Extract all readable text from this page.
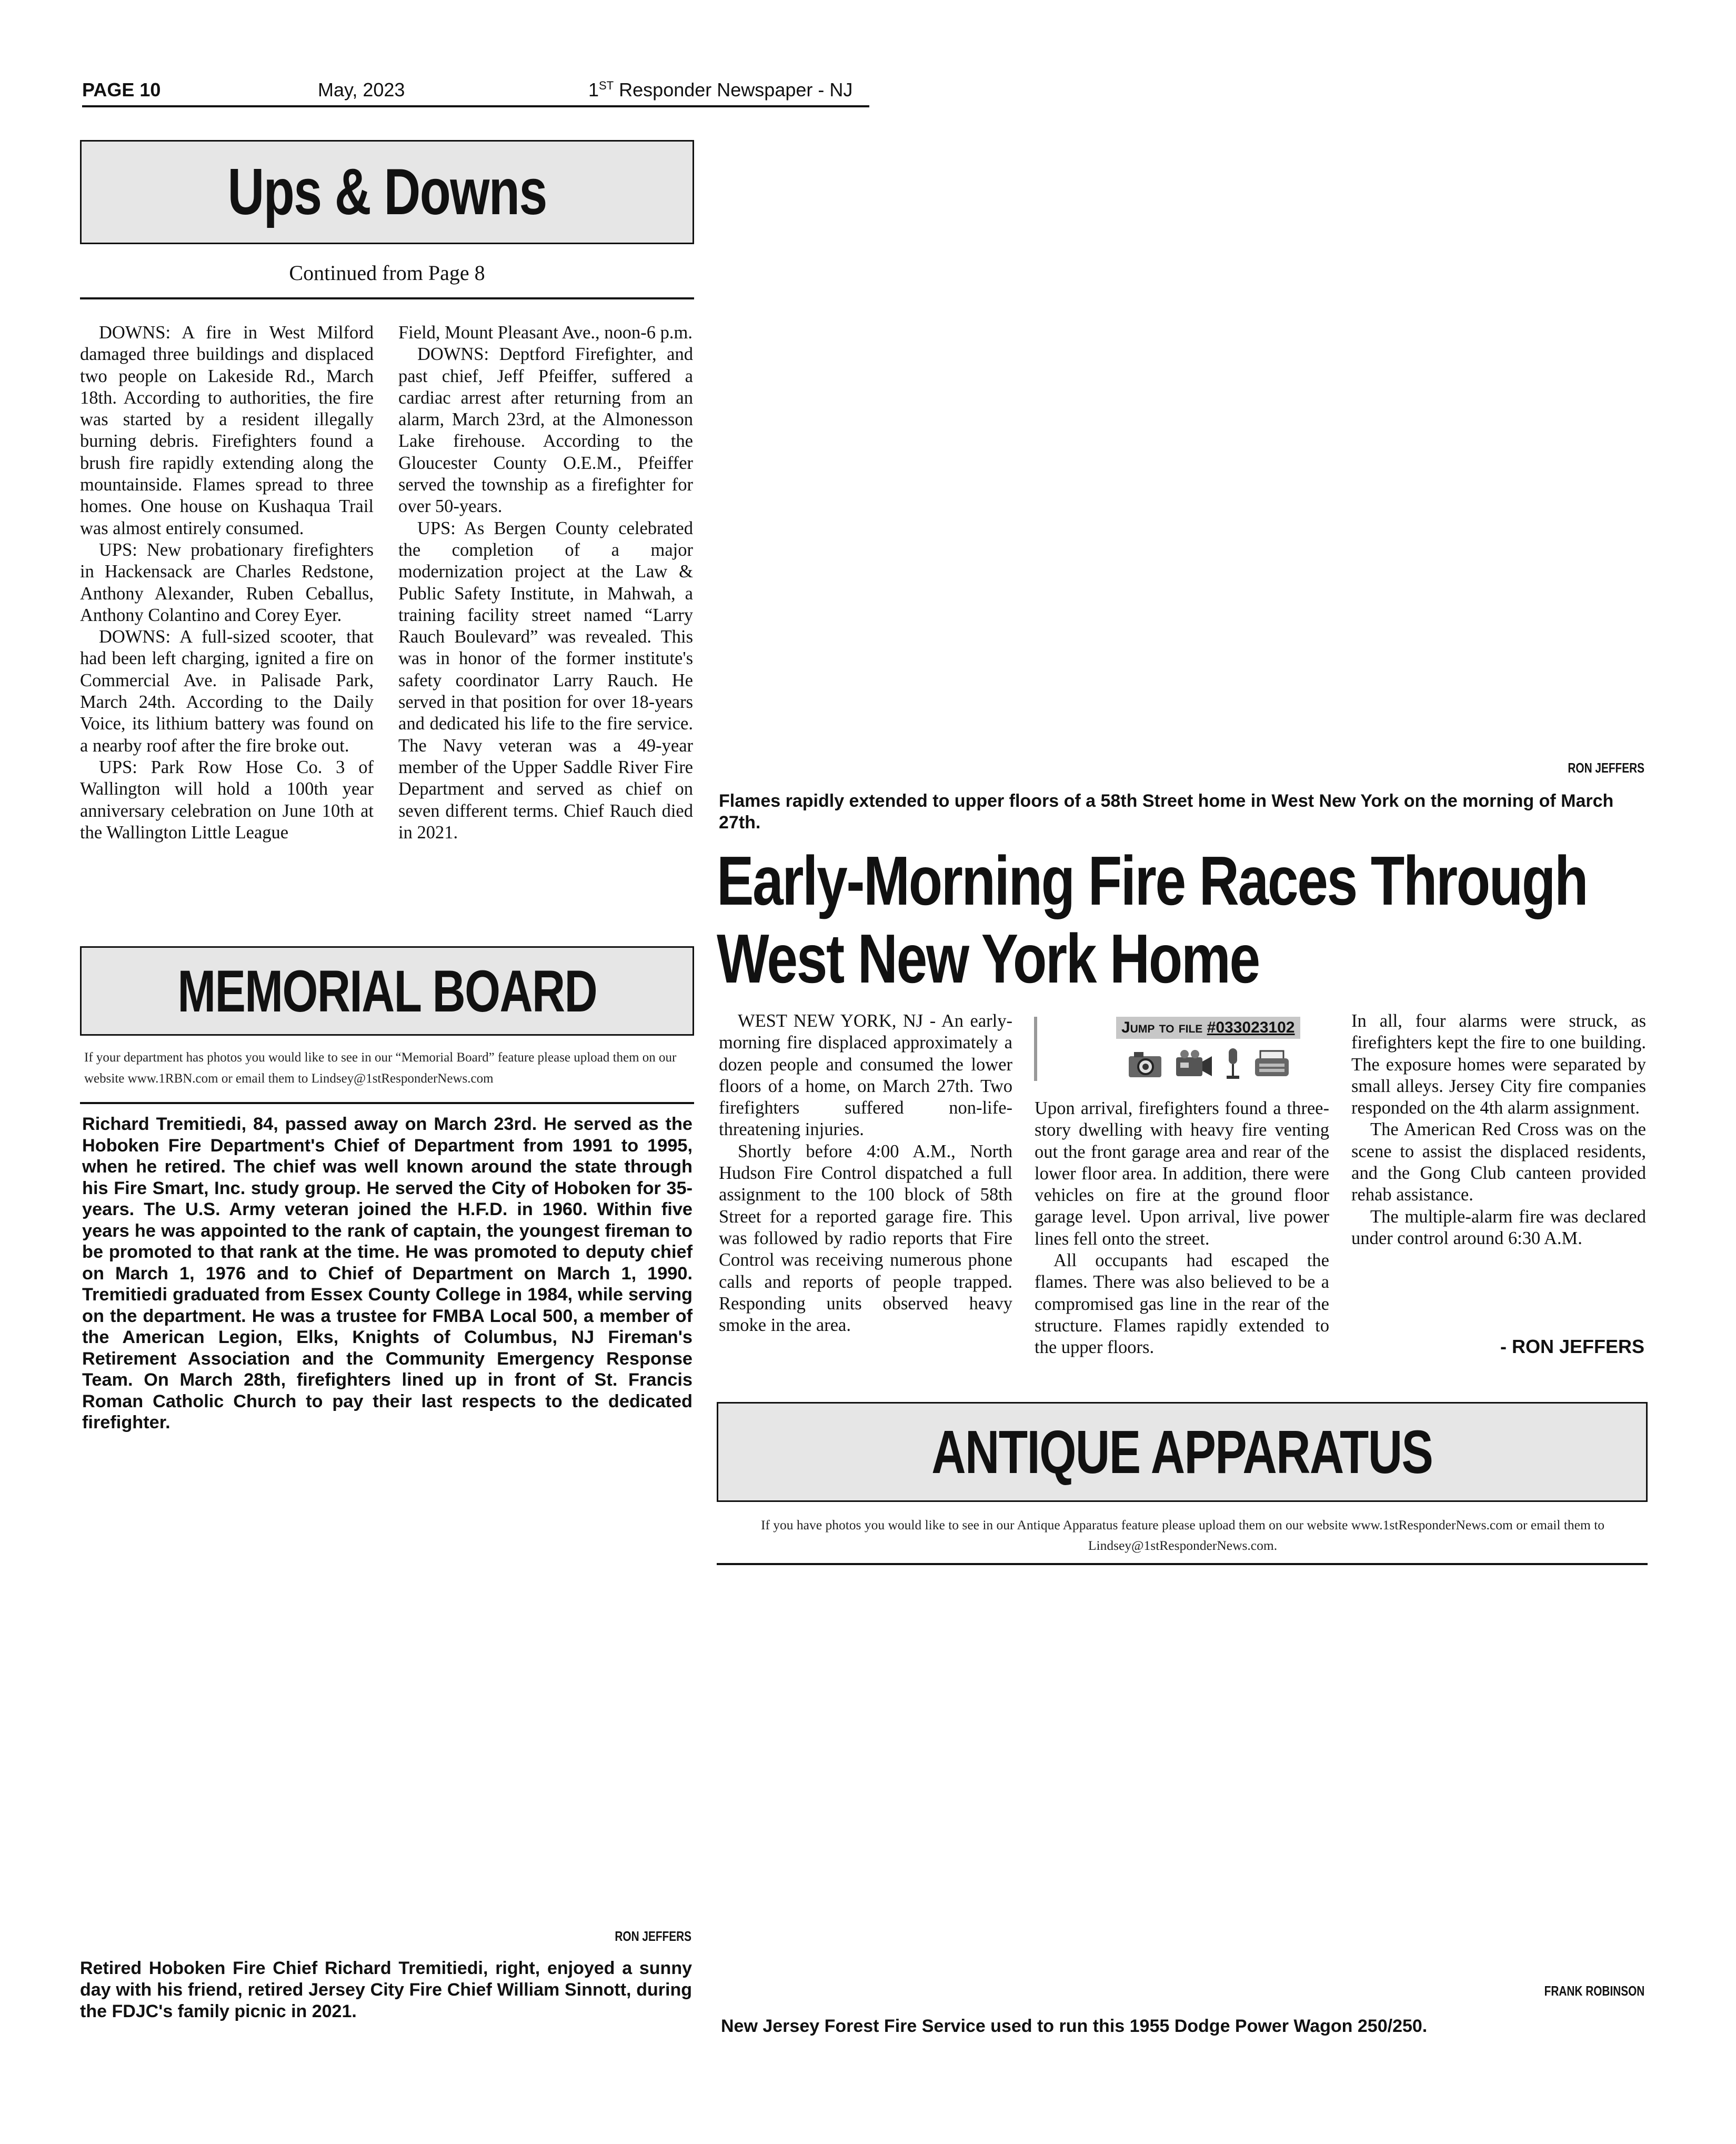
PAGE 10	May, 2023	1ST Responder Newspaper - NJ
Ups & Downs
Continued from Page 8

DOWNS: A fire in West Milford damaged three buildings and displaced two people on Lakeside Rd., March 18th. According to authorities, the fire was started by a resident illegally burning debris. Firefighters found a brush fire rapidly extending along the mountainside. Flames spread to three homes. One house on Kushaqua Trail was almost entirely consumed.

UPS: New probationary firefighters in Hackensack are Charles Redstone, Anthony Alexander, Ruben Ceballus, Anthony Colantino and Corey Eyer.

DOWNS: A full-sized scooter, that had been left charging, ignited a fire on Commercial Ave. in Palisade Park, March 24th. According to the Daily Voice, its lithium battery was found on a nearby roof after the fire broke out.

UPS: Park Row Hose Co. 3 of Wallington will hold a 100th year anniversary celebration on June 10th at the Wallington Little League

Field, Mount Pleasant Ave., noon-6 p.m.

DOWNS: Deptford Firefighter, and past chief, Jeff Pfeiffer, suffered a cardiac arrest after returning from an alarm, March 23rd, at the Almonesson Lake firehouse. According to the Gloucester County O.E.M., Pfeiffer served the township as a firefighter for over 50-years.

UPS: As Bergen County celebrated the completion of a major modernization project at the Law & Public Safety Institute, in Mahwah, a training facility street named “Larry Rauch Boulevard” was revealed. This was in honor of the former institute's safety coordinator Larry Rauch. He served in that position for over 18-years and dedicated his life to the fire service. The Navy veteran was a 49-year member of the Upper Saddle River Fire Department and served as chief on seven different terms. Chief Rauch died in 2021.

MEMORIAL BOARD
If your department has photos you would like to see in our “Memorial Board” feature please upload them on our website www.1RBN.com or email them to Lindsey@1stResponderNews.com
Richard Tremitiedi, 84, passed away on March 23rd. He served as the Hoboken Fire Department's Chief of Department from 1991 to 1995, when he retired. The chief was well known around the state through his Fire Smart, Inc. study group. He served the City of Hoboken for 35-years. The U.S. Army veteran joined the H.F.D. in 1960. Within five years he was appointed to the rank of captain, the youngest fireman to be promoted to that rank at the time. He was promoted to deputy chief on March 1, 1976 and to Chief of Department on March 1, 1990. Tremitiedi graduated from Essex County College in 1984, while serving on the department. He was a trustee for FMBA Local 500, a member of the American Legion, Elks, Knights of Columbus, NJ Fireman's Retirement Association and the Community Emergency Response Team. On March 28th, firefighters lined up in front of St. Francis Roman Catholic Church to pay their last respects to the dedicated firefighter.
RON JEFFERS
Retired Hoboken Fire Chief Richard Tremitiedi, right, enjoyed a sunny day with his friend, retired Jersey City Fire Chief William Sinnott, during the FDJC's family picnic in 2021.
RON JEFFERS
Flames rapidly extended to upper floors of a 58th Street home in West New York on the morning of March 27th.
Early-Morning Fire Races Through
West New York Home

WEST NEW YORK, NJ - An early-morning fire displaced approximately a dozen people and consumed the lower floors of a home, on March 27th. Two firefighters suffered non-life-threatening injuries.

Shortly before 4:00 A.M., North Hudson Fire Control dispatched a full assignment to the 100 block of 58th Street for a reported garage fire. This was followed by radio reports that Fire Control was receiving numerous phone calls and reports of people trapped. Responding units observed heavy smoke in the area.

Jump to file #033023102
Upon arrival, firefighters found a three-story dwelling with heavy fire venting out the front garage area and rear of the lower floor area. In addition, there were vehicles on fire at the ground floor garage level. Upon arrival, live power lines fell onto the street.

All occupants had escaped the flames. There was also believed to be a compromised gas line in the rear of the structure. Flames rapidly extended to the upper floors.

In all, four alarms were struck, as firefighters kept the fire to one building. The exposure homes were separated by small alleys. Jersey City fire companies responded on the 4th alarm assignment.

The American Red Cross was on the scene to assist the displaced residents, and the Gong Club canteen provided rehab assistance.

The multiple-alarm fire was declared under control around 6:30 A.M.

- RON JEFFERS
ANTIQUE APPARATUS
If you have photos you would like to see in our Antique Apparatus feature please upload them on our website www.1stResponderNews.com or email them to Lindsey@1stResponderNews.com.
FRANK ROBINSON
New Jersey Forest Fire Service used to run this 1955 Dodge Power Wagon 250/250.
